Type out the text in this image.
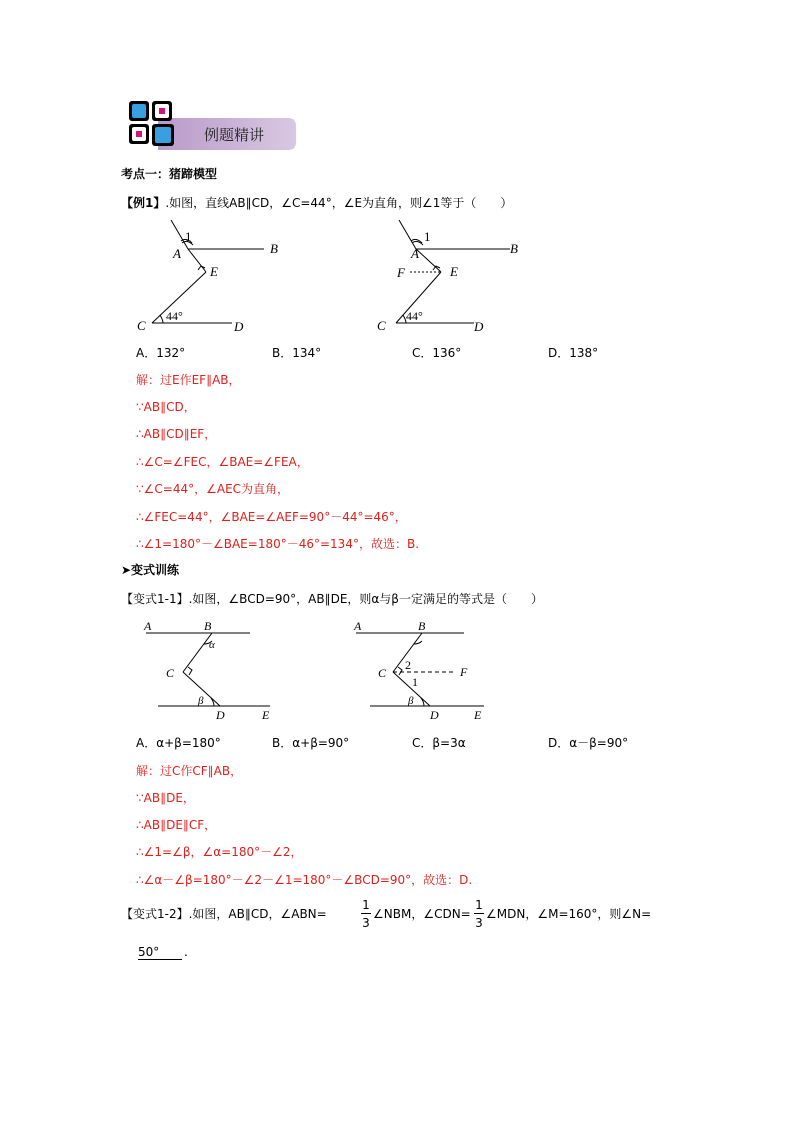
例题精讲
考点一：猪蹄模型
【例1】.如图，直线AB∥CD，∠C=44°，∠E为直角，则∠1等于（　　）
1
A	B
E
C	D
44°
1
A	B
F	E
C	D
44°
A．132°	B．134°	C．136°	D．138°
解：过E作EF∥AB，
∵AB∥CD，
∴AB∥CD∥EF，
∴∠C=∠FEC，∠BAE=∠FEA，
∵∠C=44°，∠AEC为直角，
∴∠FEC=44°，∠BAE=∠AEF=90°－44°=46°，
∴∠1=180°－∠BAE=180°－46°=134°，故选：B.
➤变式训练
【变式1-1】.如图，∠BCD=90°，AB∥DE，则α与β一定满足的等式是（　　）
A	B
C
D	E
α
β
A	B
C
2
1
F
D	E
β
A．α+β=180°	B．α+β=90°	C．β=3α	D．α－β=90°
解：过C作CF∥AB，
∵AB∥DE，
∴AB∥DE∥CF，
∴∠1=∠β，∠α=180°－∠2，
∴∠α－∠β=180°－∠2－∠1=180°－∠BCD=90°，故选：D.
【变式1-2】.如图，AB∥CD，∠ABN=
1
3
∠NBM，∠CDN=
1
3
∠MDN，∠M=160°，则∠N=
50°	.
